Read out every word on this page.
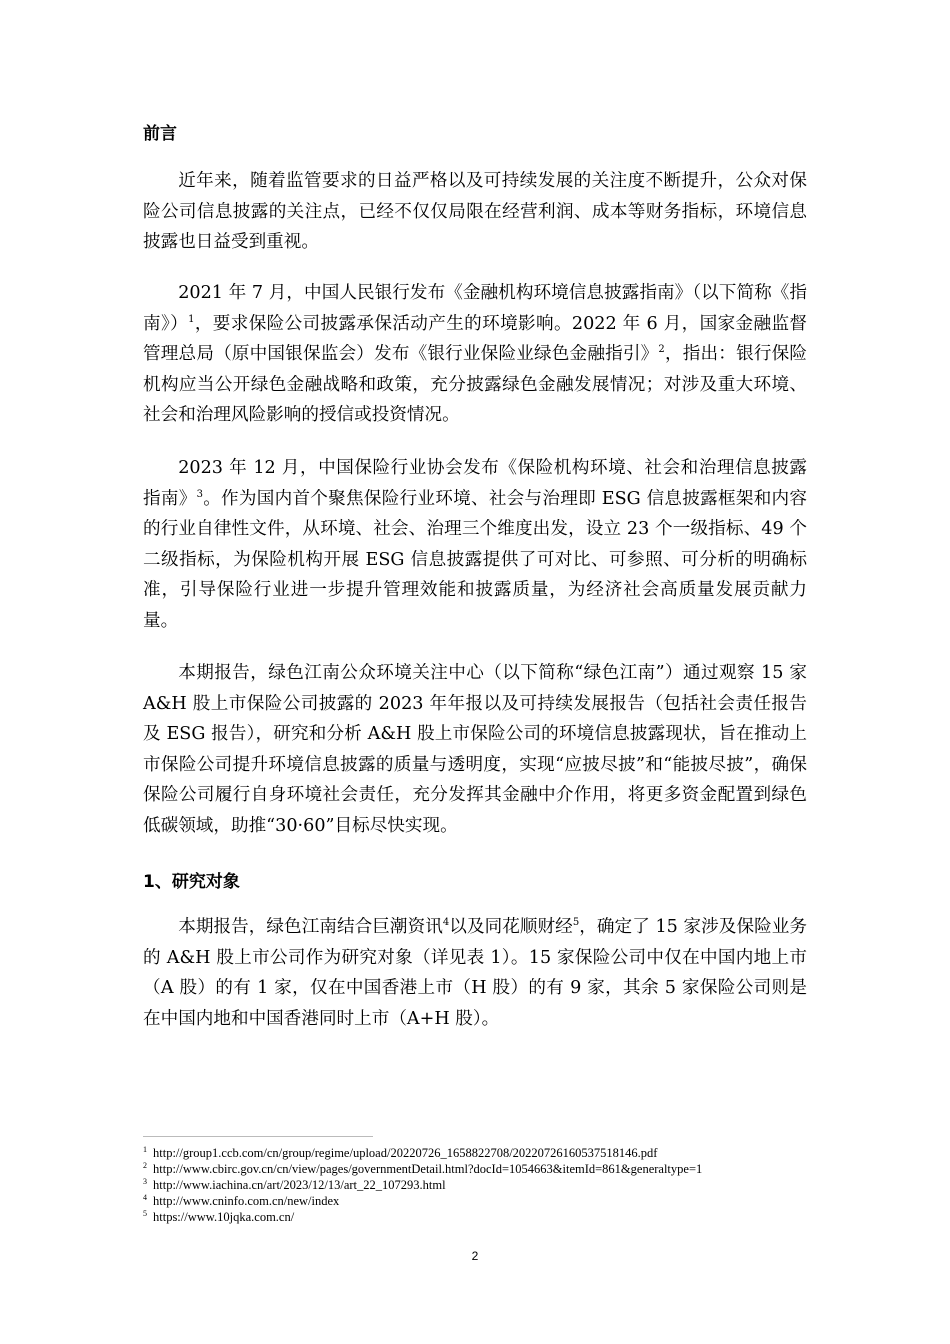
前言

近年来，随着监管要求的日益严格以及可持续发展的关注度不断提升，公众对保险公司信息披露的关注点，已经不仅仅局限在经营利润、成本等财务指标，环境信息披露也日益受到重视。

2021 年 7 月，中国人民银行发布《金融机构环境信息披露指南》（以下简称《指南》）$^1$，要求保险公司披露承保活动产生的环境影响。2022 年 6 月，国家金融监督管理总局（原中国银保监会）发布《银行业保险业绿色金融指引》$^2$，指出：银行保险机构应当公开绿色金融战略和政策，充分披露绿色金融发展情况；对涉及重大环境、社会和治理风险影响的授信或投资情况。

2023 年 12 月，中国保险行业协会发布《保险机构环境、社会和治理信息披露指南》$^3$。作为国内首个聚焦保险行业环境、社会与治理即 ESG 信息披露框架和内容的行业自律性文件，从环境、社会、治理三个维度出发，设立 23 个一级指标、49 个二级指标，为保险机构开展 ESG 信息披露提供了可对比、可参照、可分析的明确标准，引导保险行业进一步提升管理效能和披露质量，为经济社会高质量发展贡献力量。

本期报告，绿色江南公众环境关注中心（以下简称“绿色江南”）通过观察 15 家 A&H 股上市保险公司披露的 2023 年年报以及可持续发展报告（包括社会责任报告及 ESG 报告），研究和分析 A&H 股上市保险公司的环境信息披露现状，旨在推动上市保险公司提升环境信息披露的质量与透明度，实现“应披尽披”和“能披尽披”，确保保险公司履行自身环境社会责任，充分发挥其金融中介作用，将更多资金配置到绿色低碳领域，助推“30·60”目标尽快实现。

1、研究对象

本期报告，绿色江南结合巨潮资讯$^4$以及同花顺财经$^5$，确定了 15 家涉及保险业务的 A&H 股上市公司作为研究对象（详见表 1）。15 家保险公司中仅在中国内地上市（A 股）的有 1 家，仅在中国香港上市（H 股）的有 9 家，其余 5 家保险公司则是在中国内地和中国香港同时上市（A+H 股）。

$^1$ http://group1.ccb.com/cn/group/regime/upload/20220726_1658822708/20220726160537518146.pdf
$^2$ http://www.cbirc.gov.cn/cn/view/pages/governmentDetail.html?docId=1054663&itemId=861&generaltype=1
$^3$ http://www.iachina.cn/art/2023/12/13/art_22_107293.html
$^4$ http://www.cninfo.com.cn/new/index
$^5$ https://www.10jqka.com.cn/
2
